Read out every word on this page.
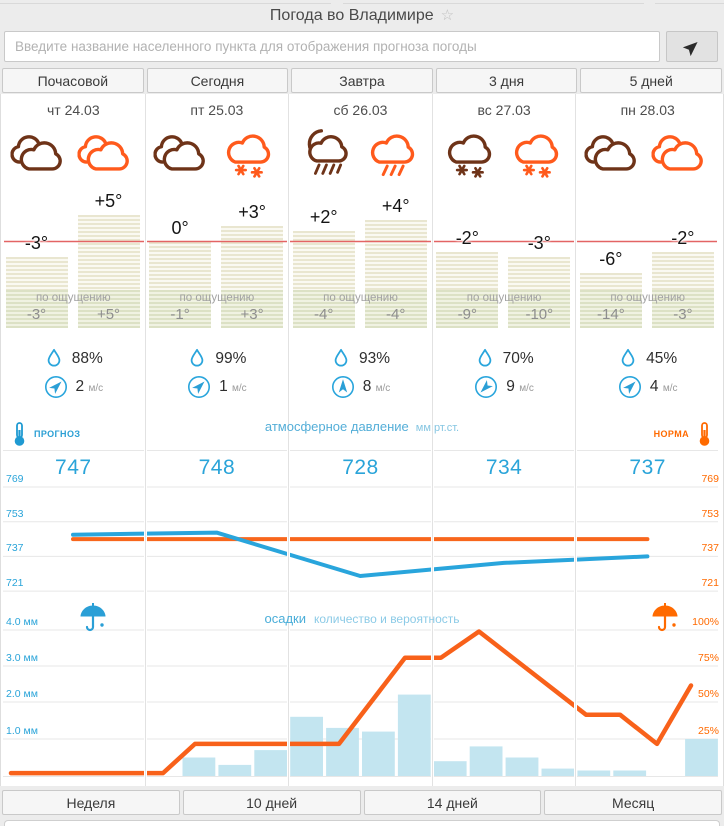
Погода во Владимире ☆
Введите название населенного пункта для отображения прогноза погоды
Почасовой	Сегодня	Завтра	3 дня	5 дней
атмосферное давление мм рт.ст.
ПРОГНОЗ	НОРМА
осадки количество и вероятность
чт 24.03
-3°
+5°
по ощущению
-3°	+5°
88%
2 м/с
747
пт 25.03
0°
+3°
по ощущению
-1°	+3°
99%
1 м/с
748
сб 26.03
+2°
+4°
по ощущению
-4°	-4°
93%
8 м/с
728
вс 27.03
-2°	-3°
по ощущению
-9°	-10°
70%
9 м/с
734
пн 28.03
-6°
-2°
по ощущению
-14°	-3°
45%
4 м/с
737
769	769
753	753
737	737
721	721
4.0 мм	100%
3.0 мм	75%
2.0 мм	50%
1.0 мм	25%
Неделя	10 дней	14 дней	Месяц
